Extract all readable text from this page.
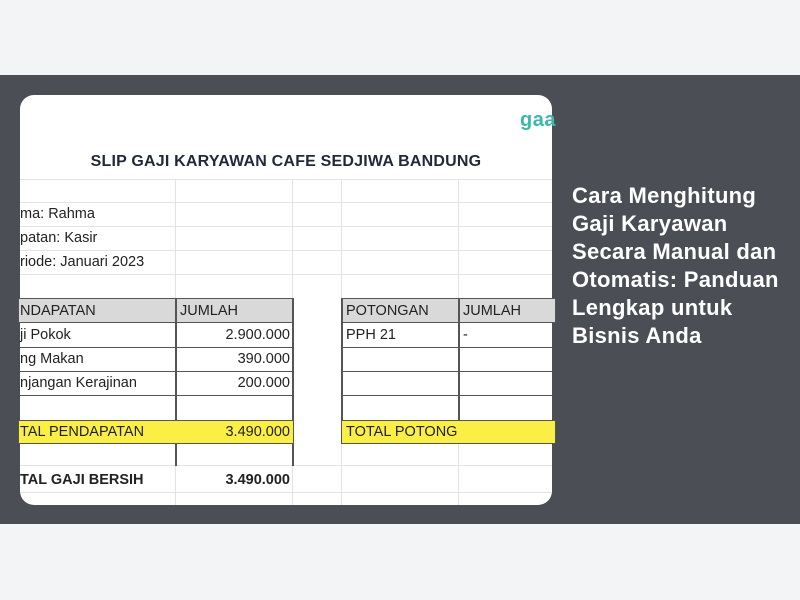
gaa
SLIP GAJI KARYAWAN CAFE SEDJIWA BANDUNG
ma: Rahma
patan: Kasir
riode: Januari 2023
NDAPATAN	JUMLAH
ji Pokok	2.900.000
ng Makan	390.000
njangan Kerajinan	200.000
TAL PENDAPATAN	3.490.000
POTONGAN JUMLAH
PPH 21	-
TOTAL POTONG
TAL GAJI BERSIH	3.490.000
Cara Menghitung Gaji Karyawan Secara Manual dan Otomatis: Panduan Lengkap untuk Bisnis Anda
